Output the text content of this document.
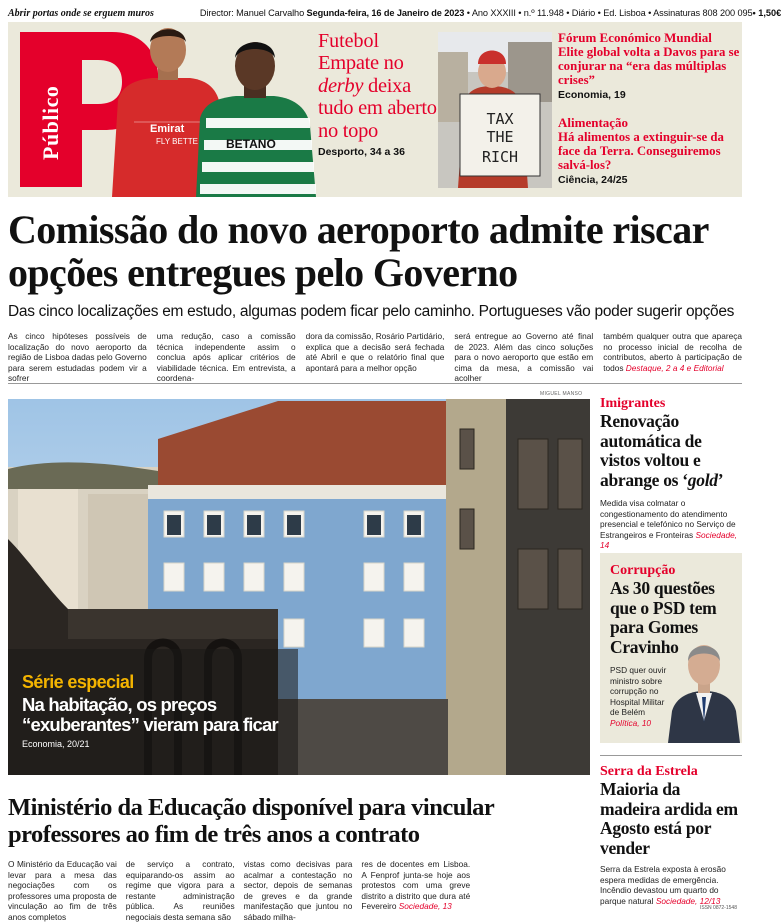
Abrir portas onde se erguem muros	Director: Manuel Carvalho Segunda-feira, 16 de Janeiro de 2023 • Ano XXXIII • n.º 11.948 • Diário • Ed. Lisboa • Assinaturas 808 200 095 • 1,50€
Público	Emirat
FLY BETTE BETANO
Futebol
Empate no derby deixa tudo em aberto no topo
Desporto, 34 a 36
TAX
THE
RICH
Fórum Económico Mundial
Elite global volta a Davos para se conjurar na “era das múltiplas crises”
Economia, 19
Alimentação
Há alimentos a extinguir-se da face da Terra. Conseguiremos salvá-los?
Ciência, 24/25
Comissão do novo aeroporto admite riscar opções entregues pelo Governo
Das cinco localizações em estudo, algumas podem ficar pelo caminho. Portugueses vão poder sugerir opções
As cinco hipóteses possíveis de localização do novo aeroporto da região de Lisboa dadas pelo Governo para serem estudadas podem vir a sofrer
uma redução, caso a comissão técnica independente assim o conclua após aplicar critérios de viabilidade técnica. Em entrevista, a coordena-
dora da comissão, Rosário Partidário, explica que a decisão será fechada até Abril e que o relatório final que apontará para a melhor opção
será entregue ao Governo até final de 2023. Além das cinco soluções para o novo aeroporto que estão em cima da mesa, a comissão vai acolher
também qualquer outra que apareça no processo inicial de recolha de contributos, aberto à participação de todos Destaque, 2 a 4 e Editorial
MIGUEL MANSO
Série especial
Na habitação, os preços “exuberantes” vieram para ficar
Economia, 20/21
Imigrantes
Renovação automática de vistos voltou e abrange os ‘gold’
Medida visa colmatar o congestionamento do atendimento presencial e telefónico no Serviço de Estrangeiros e Fronteiras Sociedade, 14
Corrupção
As 30 questões que o PSD tem para Gomes Cravinho
PSD quer ouvir ministro sobre corrupção no Hospital Militar de Belém Política, 10
Serra da Estrela
Maioria da madeira ardida em Agosto está por vender
Serra da Estrela exposta à erosão espera medidas de emergência. Incêndio devastou um quarto do parque natural Sociedade, 12/13
Ministério da Educação disponível para vincular professores ao fim de três anos a contrato
O Ministério da Educação vai levar para a mesa das negociações com os professores uma proposta de vinculação ao fim de três anos completos
de serviço a contrato, equiparando-os assim ao regime que vigora para a restante administração pública. As reuniões negociais desta semana são
vistas como decisivas para acalmar a contestação no sector, depois de semanas de greves e da grande manifestação que juntou no sábado milha-
res de docentes em Lisboa. A Fenprof junta-se hoje aos protestos com uma greve distrito a distrito que dura até Fevereiro Sociedade, 13	ISSN 0872-1548
